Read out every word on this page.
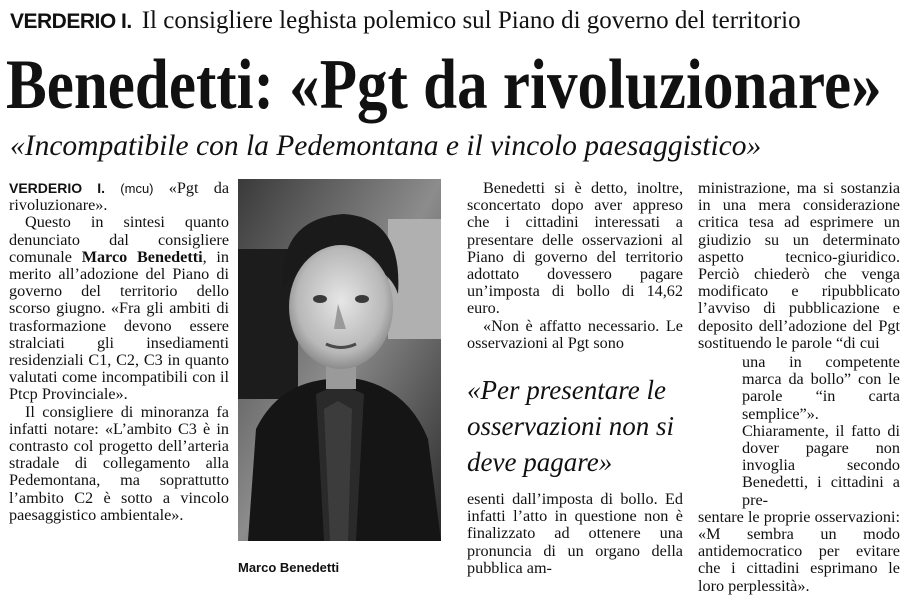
VERDERIO I. Il consigliere leghista polemico sul Piano di governo del territorio
Benedetti: «Pgt da rivoluzionare»
«Incompatibile con la Pedemontana e il vincolo paesaggistico»

VERDERIO I. (mcu) «Pgt da rivoluzionare».

Questo in sintesi quanto denunciato dal consigliere comunale Marco Benedetti, in merito all’adozione del Piano di governo del territorio dello scorso giugno. «Fra gli ambiti di trasformazione devono essere stralciati gli insediamenti residenziali C1, C2, C3 in quanto valutati come incompatibili con il Ptcp Provinciale».

Il consigliere di minoranza fa infatti notare: «L’ambito C3 è in contrasto col progetto dell’arteria stradale di collegamento alla Pedemontana, ma soprattutto l’ambito C2 è sotto a vincolo paesaggistico ambientale».

Marco Benedetti

Benedetti si è detto, inoltre, sconcertato dopo aver appreso che i cittadini interessati a presentare delle osservazioni al Piano di governo del territorio adottato dovessero pagare un’imposta di bollo di 14,62 euro.

«Non è affatto necessario. Le osservazioni al Pgt sono

«Per presentare le osservazioni non si deve pagare»

esenti dall’imposta di bollo. Ed infatti l’atto in questione non è finalizzato ad ottenere una pronuncia di un organo della pubblica am-

ministrazione, ma si sostanzia in una mera considerazione critica tesa ad esprimere un giudizio su un determinato aspetto tecnico-giuridico. Perciò chiederò che venga modificato e ripubblicato l’avviso di pubblicazione e deposito dell’adozione del Pgt sostituendo le parole “di cui

una in competente marca da bollo” con le parole “in carta semplice”». Chiaramente, il fatto di dover pagare non invoglia secondo Benedetti, i cittadini a pre-

sentare le proprie osservazioni: «M sembra un modo antidemocratico per evitare che i cittadini esprimano le loro perplessità».
